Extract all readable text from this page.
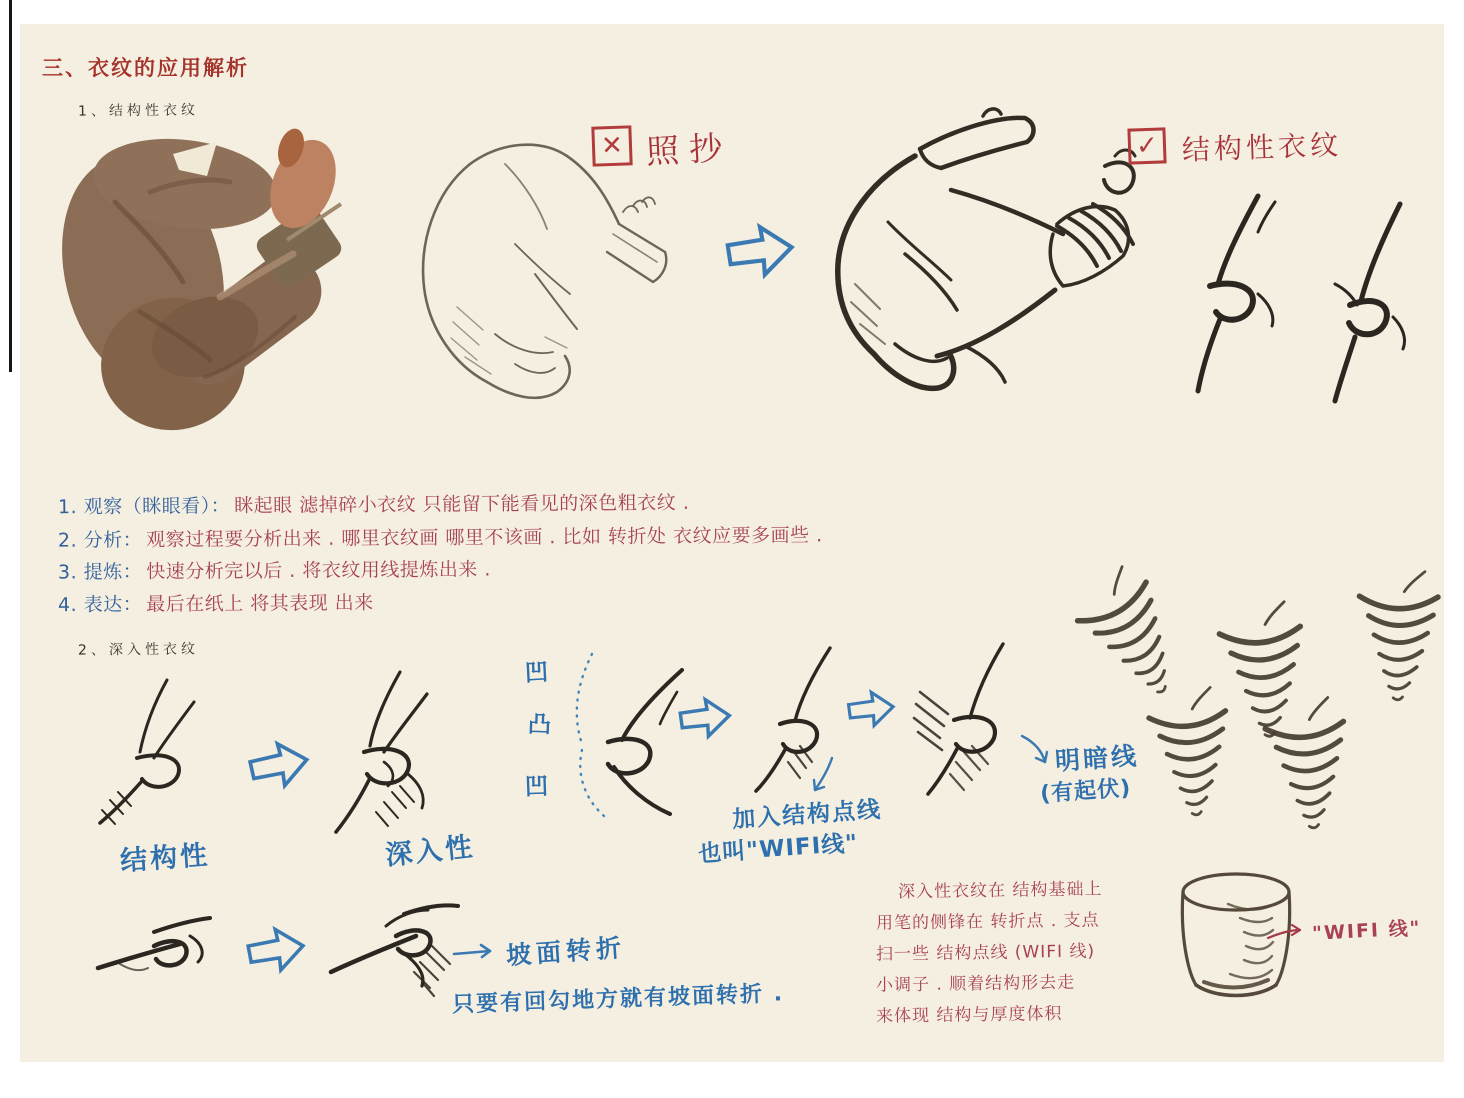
三、衣纹的应用解析
1、结构性衣纹
✕ 照抄	✓ 结构性衣纹
1. 观察（眯眼看）： 眯起眼 滤掉碎小衣纹 只能留下能看见的深色粗衣纹 .
2. 分析： 观察过程要分析出来 . 哪里衣纹画 哪里不该画 . 比如 转折处 衣纹应要多画些 .
3. 提炼： 快速分析完以后 . 将衣纹用线提炼出来 .
4. 表达： 最后在纸上 将其表现 出来
2、深入性衣纹
结构性	深入性
凹
凸
凹
加入结构点线
也叫"WIFI线"
明暗线
(有起伏)
坡面转折
只要有回勾地方就有坡面转折 .

深入性衣纹在 结构基础上

用笔的侧锋在 转折点 . 支点

扫一些 结构点线 (WIFI 线)

小调子 . 顺着结构形去走

来体现 结构与厚度体积

"WIFI 线"
